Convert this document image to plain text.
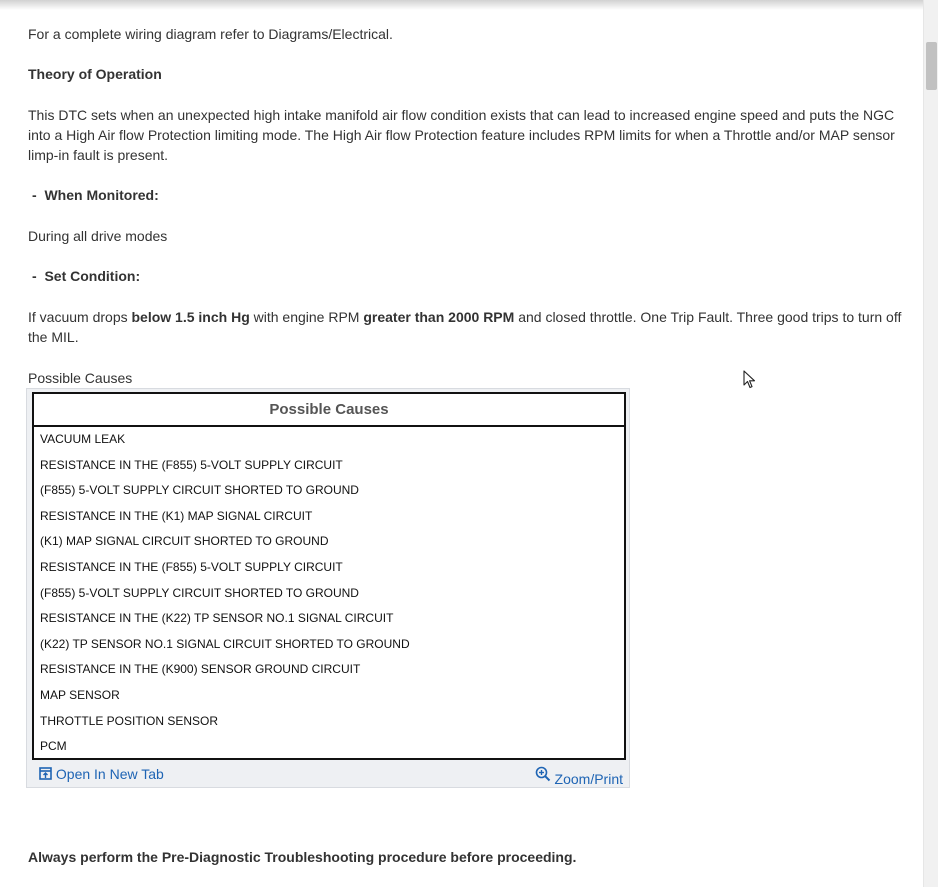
For a complete wiring diagram refer to Diagrams/Electrical.

Theory of Operation

This DTC sets when an unexpected high intake manifold air flow condition exists that can lead to increased engine speed and puts the NGC into a High Air flow Protection limiting mode. The High Air flow Protection feature includes RPM limits for when a Throttle and/or MAP sensor limp-in fault is present.

- When Monitored:

During all drive modes

- Set Condition:

If vacuum drops below 1.5 inch Hg with engine RPM greater than 2000 RPM and closed throttle. One Trip Fault. Three good trips to turn off the MIL.

Possible Causes

Always perform the Pre-Diagnostic Troubleshooting procedure before proceeding.

Possible Causes
VACUUM LEAK
RESISTANCE IN THE (F855) 5-VOLT SUPPLY CIRCUIT
(F855) 5-VOLT SUPPLY CIRCUIT SHORTED TO GROUND
RESISTANCE IN THE (K1) MAP SIGNAL CIRCUIT
(K1) MAP SIGNAL CIRCUIT SHORTED TO GROUND
RESISTANCE IN THE (F855) 5-VOLT SUPPLY CIRCUIT
(F855) 5-VOLT SUPPLY CIRCUIT SHORTED TO GROUND
RESISTANCE IN THE (K22) TP SENSOR NO.1 SIGNAL CIRCUIT
(K22) TP SENSOR NO.1 SIGNAL CIRCUIT SHORTED TO GROUND
RESISTANCE IN THE (K900) SENSOR GROUND CIRCUIT
MAP SENSOR
THROTTLE POSITION SENSOR
PCM
Open In New Tab	Zoom/Print
